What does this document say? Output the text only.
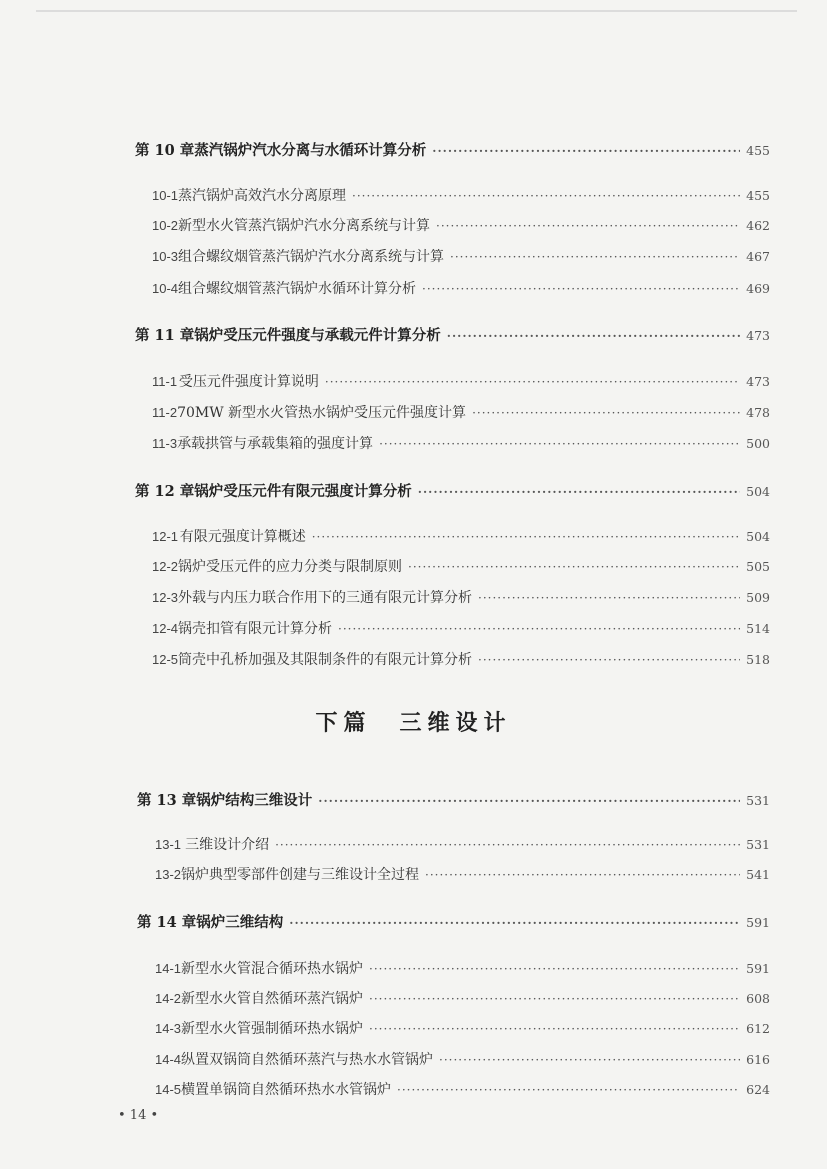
第 10 章 蒸汽锅炉汽水分离与水循环计算分析 ·····	455
10-1 蒸汽锅炉高效汽水分离原理 ·····	455
10-2 新型水火管蒸汽锅炉汽水分离系统与计算 ·····	462
10-3 组合螺纹烟管蒸汽锅炉汽水分离系统与计算 ·····	467
10-4 组合螺纹烟管蒸汽锅炉水循环计算分析 ·····	469
第 11 章 锅炉受压元件强度与承载元件计算分析 ·····	473
11-1 受压元件强度计算说明 ·····	473
11-2 70MW 新型水火管热水锅炉受压元件强度计算 ·····	478
11-3 承载拱管与承载集箱的强度计算 ·····	500
第 12 章 锅炉受压元件有限元强度计算分析 ·····	504
12-1 有限元强度计算概述 ·····	504
12-2 锅炉受压元件的应力分类与限制原则 ·····	505
12-3 外载与内压力联合作用下的三通有限元计算分析 ·····	509
12-4 锅壳扣管有限元计算分析 ·····	514
12-5 筒壳中孔桥加强及其限制条件的有限元计算分析 ·····	518
下篇　三维设计
第 13 章 锅炉结构三维设计 ·····	531
13-1 三维设计介绍 ·····	531
13-2 锅炉典型零部件创建与三维设计全过程 ·····	541
第 14 章 锅炉三维结构 ·····	591
14-1 新型水火管混合循环热水锅炉 ·····	591
14-2 新型水火管自然循环蒸汽锅炉 ·····	608
14-3 新型水火管强制循环热水锅炉 ·····	612
14-4 纵置双锅筒自然循环蒸汽与热水水管锅炉 ·····	616
14-5 横置单锅筒自然循环热水水管锅炉 ·····	624
• 14 •
